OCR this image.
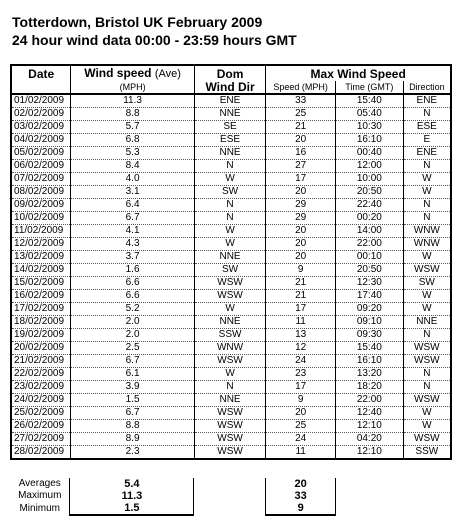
Totterdown, Bristol UK February 2009
24 hour wind data 00:00 - 23:59 hours GMT
Date	Wind speed (Ave)	Dom	Max Wind Speed		
	(MPH)	Wind Dir	Speed (MPH)	Time (GMT)	Direction
01/02/2009	11.3	ENE	33	15:40	ENE
02/02/2009	8.8	NNE	25	05:40	N
03/02/2009	5.7	SE	21	10:30	ESE
04/02/2009	6.8	ESE	20	16:10	E
05/02/2009	5.3	NNE	16	00:40	ENE
06/02/2009	8.4	N	27	12:00	N
07/02/2009	4.0	W	17	10:00	W
08/02/2009	3.1	SW	20	20:50	W
09/02/2009	6.4	N	29	22:40	N
10/02/2009	6.7	N	29	00:20	N
11/02/2009	4.1	W	20	14:00	WNW
12/02/2009	4.3	W	20	22:00	WNW
13/02/2009	3.7	NNE	20	00:10	W
14/02/2009	1.6	SW	9	20:50	WSW
15/02/2009	6.6	WSW	21	12:30	SW
16/02/2009	6.6	WSW	21	17:40	W
17/02/2009	5.2	W	17	09:20	W
18/02/2009	2.0	NNE	11	09:10	NNE
19/02/2009	2.0	SSW	13	09:30	N
20/02/2009	2.5	WNW	12	15:40	WSW
21/02/2009	6.7	WSW	24	16:10	WSW
22/02/2009	6.1	W	23	13:20	N
23/02/2009	3.9	N	17	18:20	N
24/02/2009	1.5	NNE	9	22:00	WSW
25/02/2009	6.7	WSW	20	12:40	W
26/02/2009	8.8	WSW	25	12:10	W
27/02/2009	8.9	WSW	24	04:20	WSW
28/02/2009	2.3	WSW	11	12:10	SSW
Averages	5.4		20		
Maximum	11.3		33		
Minimum	1.5		9		
